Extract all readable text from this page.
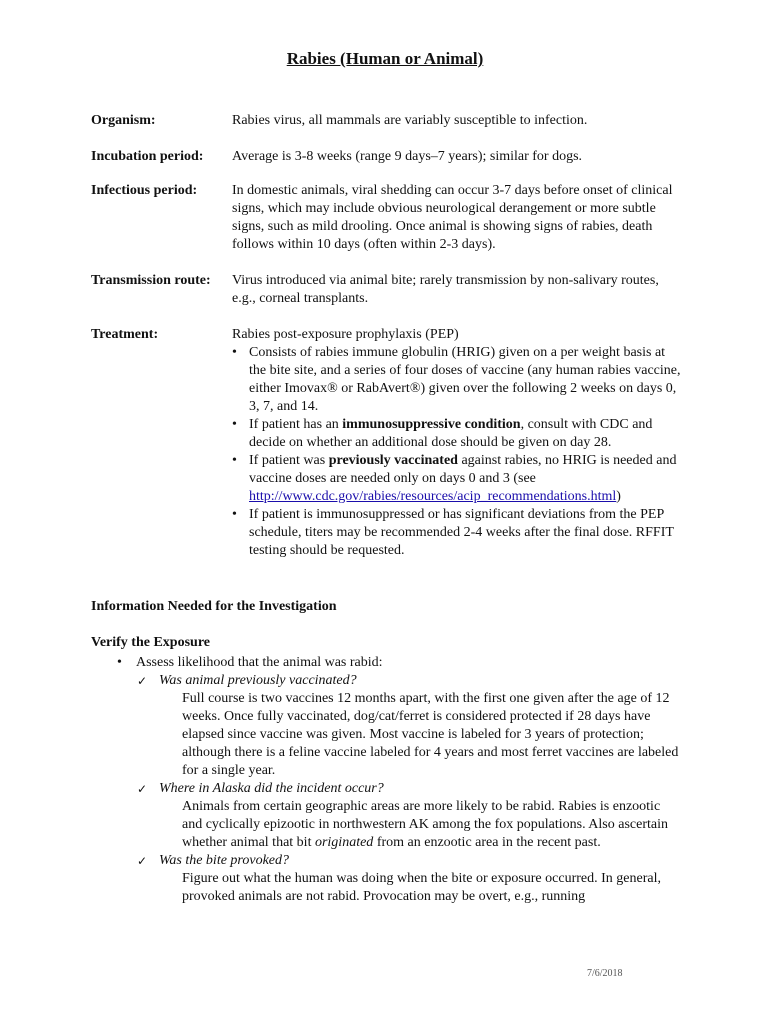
Rabies (Human or Animal)
Organism:	Rabies virus, all mammals are variably susceptible to infection.
Incubation period: Average is 3-8 weeks (range 9 days–7 years); similar for dogs.
Infectious period: In domestic animals, viral shedding can occur 3-7 days before onset of clinical signs, which may include obvious neurological derangement or more subtle signs, such as mild drooling. Once animal is showing signs of rabies, death follows within 10 days (often within 2-3 days).
Transmission route: Virus introduced via animal bite; rarely transmission by non-salivary routes, e.g., corneal transplants.
Treatment:	Rabies post-exposure prophylaxis (PEP)
• Consists of rabies immune globulin (HRIG) given on a per weight basis at the bite site, and a series of four doses of vaccine (any human rabies vaccine, either Imovax® or RabAvert®) given over the following 2 weeks on days 0, 3, 7, and 14.
• If patient has an immunosuppressive condition, consult with CDC and decide on whether an additional dose should be given on day 28.
• If patient was previously vaccinated against rabies, no HRIG is needed and vaccine doses are needed only on days 0 and 3 (see http://www.cdc.gov/rabies/resources/acip_recommendations.html)
• If patient is immunosuppressed or has significant deviations from the PEP schedule, titers may be recommended 2-4 weeks after the final dose. RFFIT testing should be requested.
Information Needed for the Investigation
Verify the Exposure
• Assess likelihood that the animal was rabid:
✓ Was animal previously vaccinated?
Full course is two vaccines 12 months apart, with the first one given after the age of 12 weeks. Once fully vaccinated, dog/cat/ferret is considered protected if 28 days have elapsed since vaccine was given. Most vaccine is labeled for 3 years of protection; although there is a feline vaccine labeled for 4 years and most ferret vaccines are labeled for a single year.
✓ Where in Alaska did the incident occur?
Animals from certain geographic areas are more likely to be rabid. Rabies is enzootic and cyclically epizootic in northwestern AK among the fox populations. Also ascertain whether animal that bit originated from an enzootic area in the recent past.
✓ Was the bite provoked?
Figure out what the human was doing when the bite or exposure occurred. In general, provoked animals are not rabid. Provocation may be overt, e.g., running
7/6/2018
